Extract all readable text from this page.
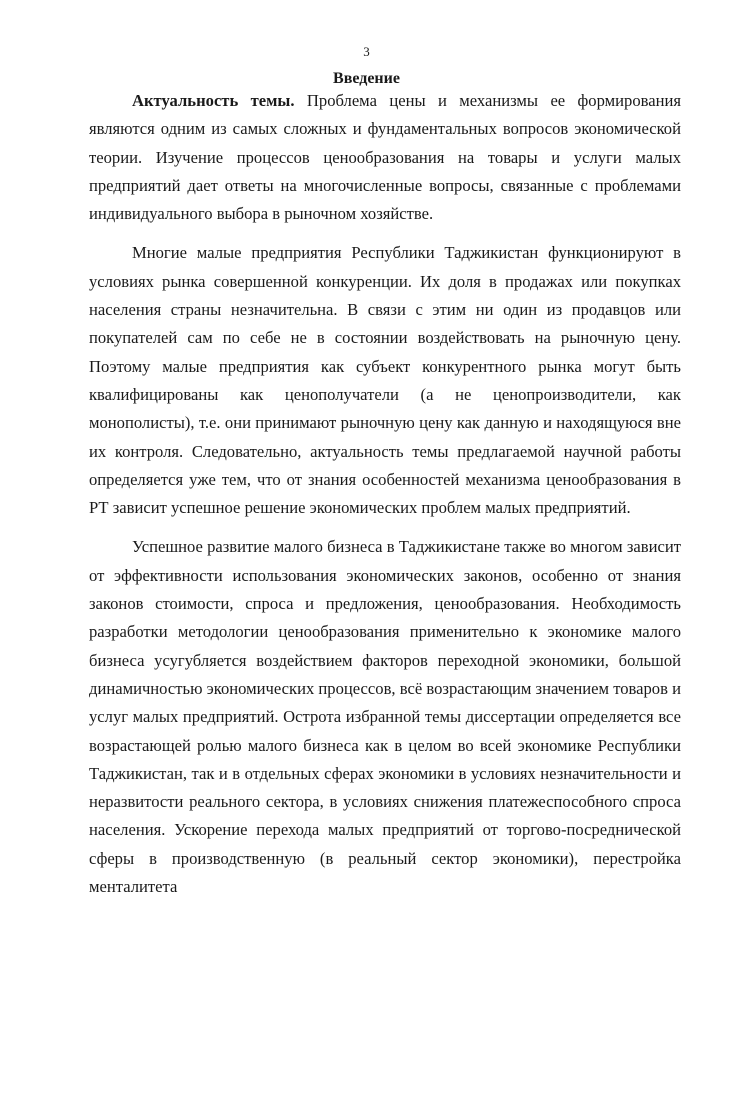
3
Введение

Актуальность темы. Проблема цены и механизмы ее формирования являются одним из самых сложных и фундаментальных вопросов экономической теории. Изучение процессов ценообразования на товары и услуги малых предприятий дает ответы на многочисленные вопросы, связанные с проблемами индивидуального выбора в рыночном хозяйстве.

Многие малые предприятия Республики Таджикистан функционируют в условиях рынка совершенной конкуренции. Их доля в продажах или покупках населения страны незначительна. В связи с этим ни один из продавцов или покупателей сам по себе не в состоянии воздействовать на рыночную цену. Поэтому малые предприятия как субъект конкурентного рынка могут быть квалифицированы как ценополучатели (а не ценопроизводители, как монополисты), т.е. они принимают рыночную цену как данную и находящуюся вне их контроля. Следовательно, актуальность темы предлагаемой научной работы определяется уже тем, что от знания особенностей механизма ценообразования в РТ зависит успешное решение экономических проблем малых предприятий.

Успешное развитие малого бизнеса в Таджикистане также во многом зависит от эффективности использования экономических законов, особенно от знания законов стоимости, спроса и предложения, ценообразования. Необходимость разработки методологии ценообразования применительно к экономике малого бизнеса усугубляется воздействием факторов переходной экономики, большой динамичностью экономических процессов, всё возрастающим значением товаров и услуг малых предприятий. Острота избранной темы диссертации определяется все возрастающей ролью малого бизнеса как в целом во всей экономике Республики Таджикистан, так и в отдельных сферах экономики в условиях незначительности и неразвитости реального сектора, в условиях снижения платежеспособного спроса населения. Ускорение перехода малых предприятий от торгово-посреднической сферы в производственную (в реальный сектор экономики), перестройка менталитета
